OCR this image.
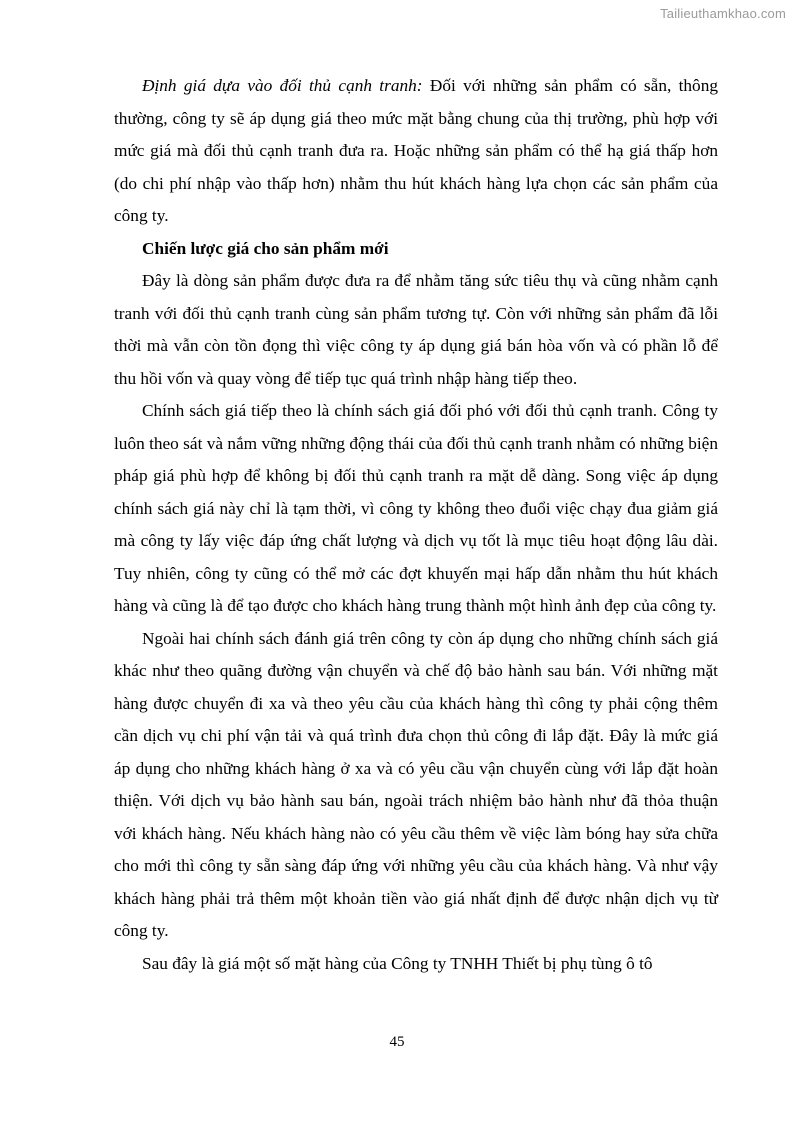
Tailieuthamkhao.com

Định giá dựa vào đối thủ cạnh tranh: Đối với những sản phẩm có sẵn, thông thường, công ty sẽ áp dụng giá theo mức mặt bằng chung của thị trường, phù hợp với mức giá mà đối thủ cạnh tranh đưa ra. Hoặc những sản phẩm có thể hạ giá thấp hơn (do chi phí nhập vào thấp hơn) nhằm thu hút khách hàng lựa chọn các sản phẩm của công ty.

Chiến lược giá cho sản phẩm mới

Đây là dòng sản phẩm được đưa ra để nhằm tăng sức tiêu thụ và cũng nhằm cạnh tranh với đối thủ cạnh tranh cùng sản phẩm tương tự. Còn với những sản phẩm đã lỗi thời mà vẫn còn tồn đọng thì việc công ty áp dụng giá bán hòa vốn và có phần lỗ để thu hồi vốn và quay vòng để tiếp tục quá trình nhập hàng tiếp theo.

Chính sách giá tiếp theo là chính sách giá đối phó với đối thủ cạnh tranh. Công ty luôn theo sát và nắm vững những động thái của đối thủ cạnh tranh nhằm có những biện pháp giá phù hợp để không bị đối thủ cạnh tranh ra mặt dễ dàng. Song việc áp dụng chính sách giá này chỉ là tạm thời, vì công ty không theo đuổi việc chạy đua giảm giá mà công ty lấy việc đáp ứng chất lượng và dịch vụ tốt là mục tiêu hoạt động lâu dài. Tuy nhiên, công ty cũng có thể mở các đợt khuyến mại hấp dẫn nhằm thu hút khách hàng và cũng là để tạo được cho khách hàng trung thành một hình ảnh đẹp của công ty.

Ngoài hai chính sách đánh giá trên công ty còn áp dụng cho những chính sách giá khác như theo quãng đường vận chuyển và chế độ bảo hành sau bán. Với những mặt hàng được chuyển đi xa và theo yêu cầu của khách hàng thì công ty phải cộng thêm cần dịch vụ chi phí vận tải và quá trình đưa chọn thủ công đi lắp đặt. Đây là mức giá áp dụng cho những khách hàng ở xa và có yêu cầu vận chuyển cùng với lắp đặt hoàn thiện. Với dịch vụ bảo hành sau bán, ngoài trách nhiệm bảo hành như đã thỏa thuận với khách hàng. Nếu khách hàng nào có yêu cầu thêm về việc làm bóng hay sửa chữa cho mới thì công ty sẵn sàng đáp ứng với những yêu cầu của khách hàng. Và như vậy khách hàng phải trả thêm một khoản tiền vào giá nhất định để được nhận dịch vụ từ công ty.

Sau đây là giá một số mặt hàng của Công ty TNHH Thiết bị phụ tùng ô tô

45
